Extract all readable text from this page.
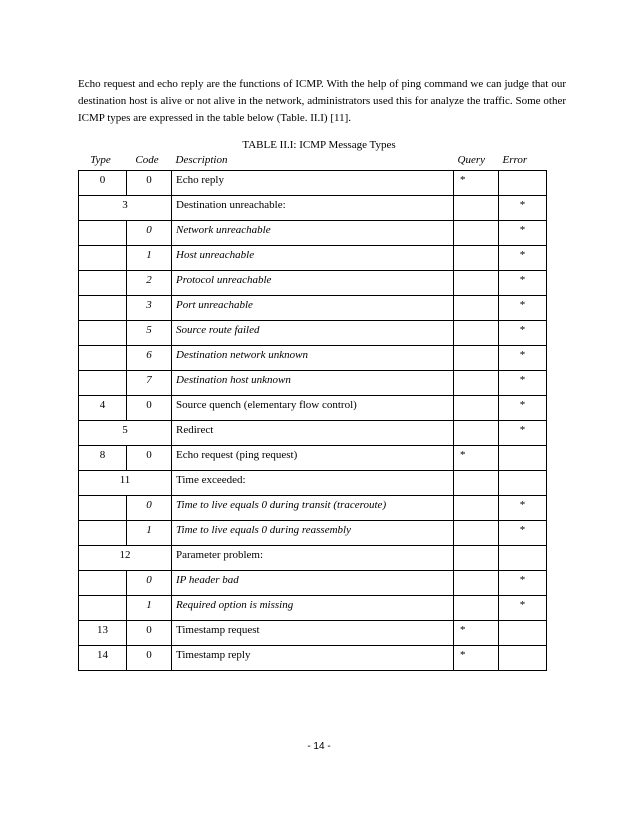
Echo request and echo reply are the functions of ICMP. With the help of ping command we can judge that our destination host is alive or not alive in the network, administrators used this for analyze the traffic. Some other ICMP types are expressed in the table below (Table. II.I) [11].
TABLE II.I: ICMP Message Types
Type	Code	Description	Query	Error
0	0	Echo reply	*	
3		Destination unreachable:		*
	0	Network unreachable		*
	1	Host unreachable		*
	2	Protocol unreachable		*
	3	Port unreachable		*
	5	Source route failed		*
	6	Destination network unknown		*
	7	Destination host unknown		*
4	0	Source quench (elementary flow control)		*
5		Redirect		*
8	0	Echo request (ping request)	*	
11		Time exceeded:		
	0	Time to live equals 0 during transit (traceroute)		*
	1	Time to live equals 0 during reassembly		*
12		Parameter problem:		
	0	IP header bad		*
	1	Required option is missing		*
13	0	Timestamp request	*	
14	0	Timestamp reply	*	
- 14 -
